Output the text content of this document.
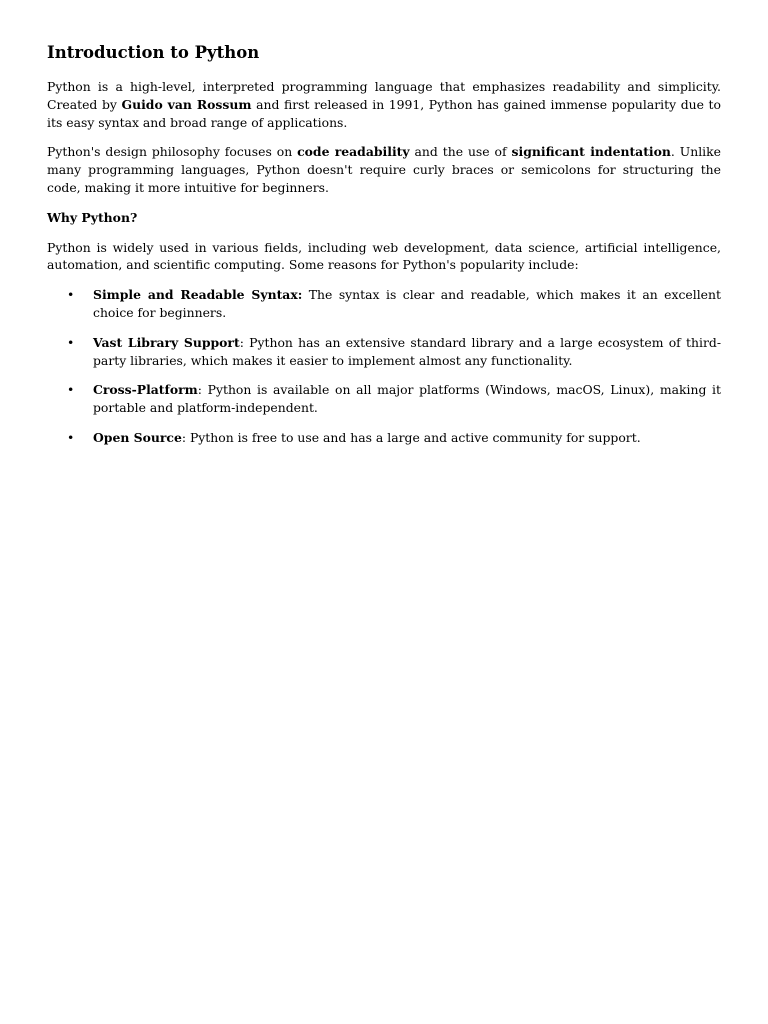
Introduction to Python

Python is a high-level, interpreted programming language that emphasizes readability and simplicity. Created by Guido van Rossum and first released in 1991, Python has gained immense popularity due to its easy syntax and broad range of applications.

Python's design philosophy focuses on code readability and the use of significant indentation. Unlike many programming languages, Python doesn't require curly braces or semicolons for structuring the code, making it more intuitive for beginners.

Why Python?

Python is widely used in various fields, including web development, data science, artificial intelligence, automation, and scientific computing. Some reasons for Python's popularity include:

• Simple and Readable Syntax: The syntax is clear and readable, which makes it an excellent choice for beginners.
• Vast Library Support: Python has an extensive standard library and a large ecosystem of third-party libraries, which makes it easier to implement almost any functionality.
• Cross-Platform: Python is available on all major platforms (Windows, macOS, Linux), making it portable and platform-independent.
• Open Source: Python is free to use and has a large and active community for support.
